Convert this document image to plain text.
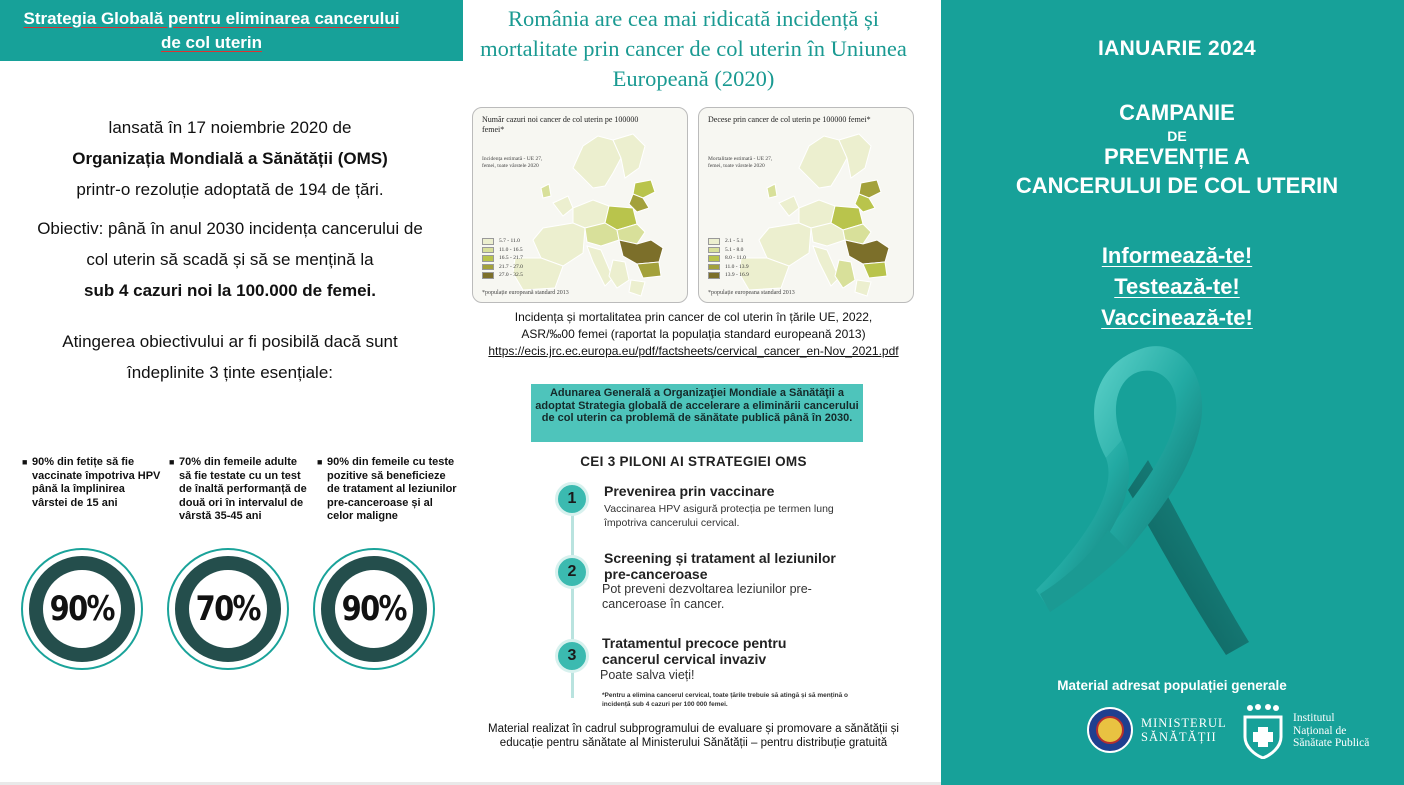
Strategia Globală pentru eliminarea cancerului de col uterin
lansată în 17 noiembrie 2020 de
Organizația Mondială a Sănătății (OMS)
printr-o rezoluție adoptată de 194 de țări.
Obiectiv: până în anul 2030 incidența cancerului de
col uterin să scadă și să se mențină la
sub 4 cazuri noi la 100.000 de femei.
Atingerea obiectivului ar fi posibilă dacă sunt
îndeplinite 3 ținte esențiale:
■ 90% din fetițe să fie vaccinate împotriva HPV până la împlinirea vârstei de 15 ani
■ 70% din femeile adulte să fie testate cu un test de înaltă performanță de două ori în intervalul de vârstă 35-45 ani
■ 90% din femeile cu teste pozitive să beneficieze de tratament al leziunilor pre-canceroase și al celor maligne
90% 70% 90%
România are cea mai ridicată incidență și mortalitate prin cancer de col uterin în Uniunea Europeană (2020)
Număr cazuri noi cancer de col uterin pe 100000 femei*
Incidența estimată - UE 27, femei, toate vârstele 2020
5.7 - 11.0
11.0 - 16.5
16.5 - 21.7
21.7 - 27.0
27.0 - 32.5
*populație europeană standard 2013
Decese prin cancer de col uterin pe 100000 femei*
Mortalitate estimată - UE 27, femei, toate vârstele 2020
2.1 - 5.1
5.1 - 8.0
8.0 - 11.0
11.0 - 13.9
13.9 - 16.9
*populație europeana standard 2013
Incidența și mortalitatea prin cancer de col uterin în țările UE, 2022,
ASR/‰00 femei (raportat la populația standard europeană 2013)
https://ecis.jrc.ec.europa.eu/pdf/factsheets/cervical_cancer_en-Nov_2021.pdf
Adunarea Generală a Organizaţiei Mondiale a Sănătăţii a adoptat Strategia globală de accelerare a eliminării cancerului de col uterin ca problemă de sănătate publică până în 2030.
CEI 3 PILONI AI STRATEGIEI OMS
1	Prevenirea prin vaccinare
Vaccinarea HPV asigură protecția pe termen lung împotriva cancerului cervical.
2
Screening și tratament al leziunilor pre-canceroase
Pot preveni dezvoltarea leziunilor pre-canceroase în cancer.
3
Tratamentul precoce pentru cancerul cervical invaziv
Poate salva vieți!
*Pentru a elimina cancerul cervical, toate țările trebuie să atingă și să mențină o incidență sub 4 cazuri per 100 000 femei.
Material realizat în cadrul subprogramului de evaluare și promovare a sănătății și educație pentru sănătate al Ministerului Sănătății – pentru distribuție gratuită
IANUARIE 2024
CAMPANIE
DE
PREVENȚIE A
CANCERULUI DE COL UTERIN
Informează-te!
Testează-te!
Vaccinează-te!
Material adresat populației generale
MINISTERUL
SĂNĂTĂȚII
Institutul
Național de
Sănătate Publică
